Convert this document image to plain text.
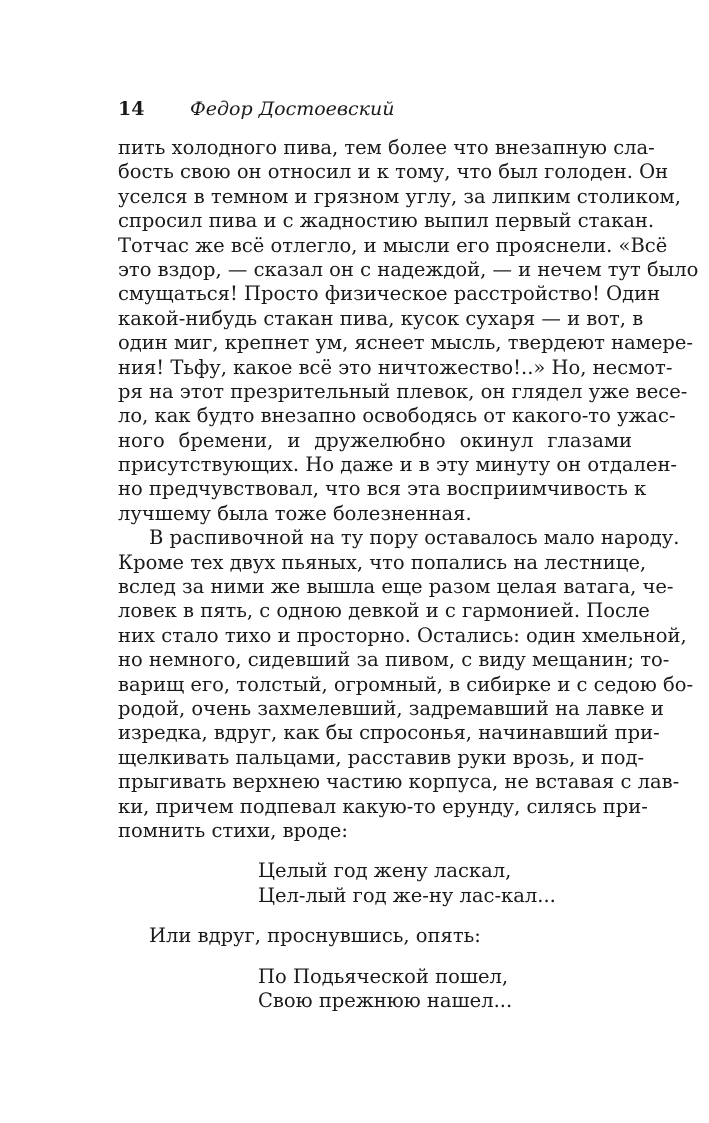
14 Федор Достоевский
пить холодного пива, тем более что внезапную сла-
бость свою он относил и к тому, что был голоден. Он
уселся в темном и грязном углу, за липким столиком,
спросил пива и с жадностию выпил первый стакан.
Тотчас же всё отлегло, и мысли его прояснели. «Всё
это вздор, — сказал он с надеждой, — и нечем тут было
смущаться! Просто физическое расстройство! Один
какой-нибудь стакан пива, кусок сухаря — и вот, в
один миг, крепнет ум, яснеет мысль, твердеют намере-
ния! Тьфу, какое всё это ничтожество!..» Но, несмот-
ря на этот презрительный плевок, он глядел уже весе-
ло, как будто внезапно освободясь от какого-то ужас-
ного бремени, и дружелюбно окинул глазами
присутствующих. Но даже и в эту минуту он отдален-
но предчувствовал, что вся эта восприимчивость к
лучшему была тоже болезненная.
В распивочной на ту пору оставалось мало народу.
Кроме тех двух пьяных, что попались на лестнице,
вслед за ними же вышла еще разом целая ватага, че-
ловек в пять, с одною девкой и с гармонией. После
них стало тихо и просторно. Остались: один хмельной,
но немного, сидевший за пивом, с виду мещанин; то-
варищ его, толстый, огромный, в сибирке и с седою бо-
родой, очень захмелевший, задремавший на лавке и
изредка, вдруг, как бы спросонья, начинавший при-
щелкивать пальцами, расставив руки врозь, и под-
прыгивать верхнею частию корпуса, не вставая с лав-
ки, причем подпевал какую-то ерунду, силясь при-
помнить стихи, вроде:
Целый год жену ласкал,
Цел-лый год же-ну лас-кал...
Или вдруг, проснувшись, опять:
По Подьяческой пошел,
Свою прежнюю нашел...
